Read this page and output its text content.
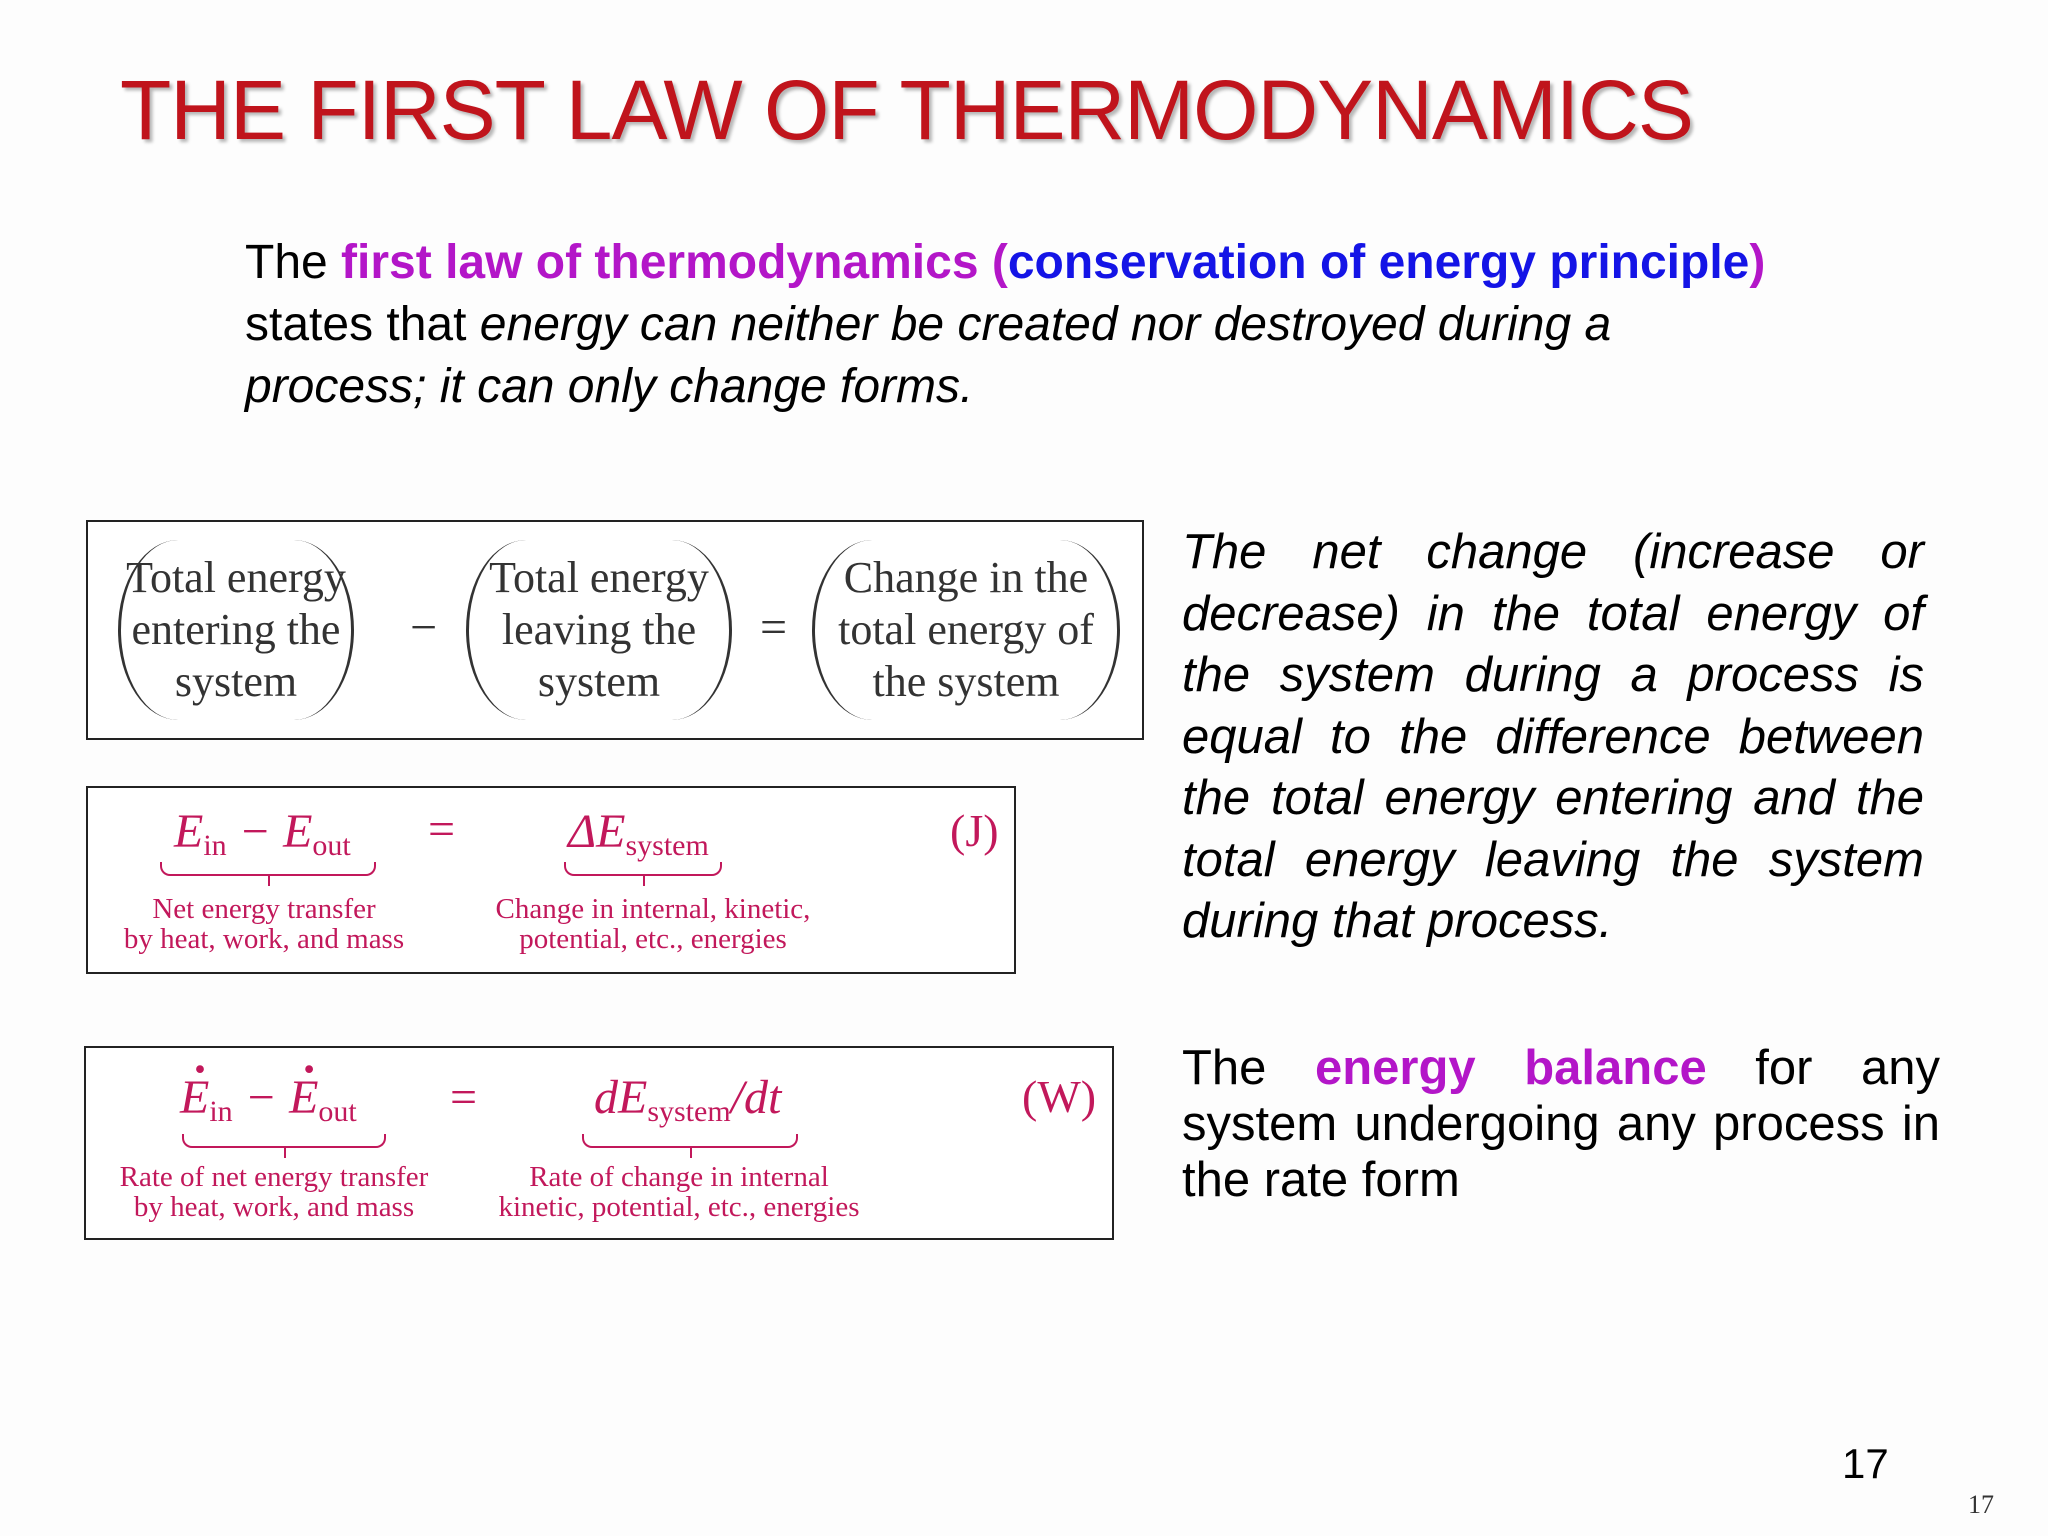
THE FIRST LAW OF THERMODYNAMICS
The first law of thermodynamics (conservation of energy principle) states that energy can neither be created nor destroyed during a process; it can only change forms.
Total energy
entering the
system
−
Total energy
leaving the
system
=
Change in the
total energy of
the system
$E_{in} - E_{out} = \Delta E_{system}$	(J)
Net energy transfer
by heat, work, and mass
Change in internal, kinetic,
potential, etc., energies
· $E_{in}$ − · $E_{out} = dE_{system}/dt$	(W)
Rate of net energy transfer
by heat, work, and mass
Rate of change in internal
kinetic, potential, etc., energies
The net change (increase or decrease) in the total energy of the system during a process is equal to the difference between the total energy entering and the total energy leaving the system during that process.
The energy balance for any system undergoing any process in the rate form
17
17
